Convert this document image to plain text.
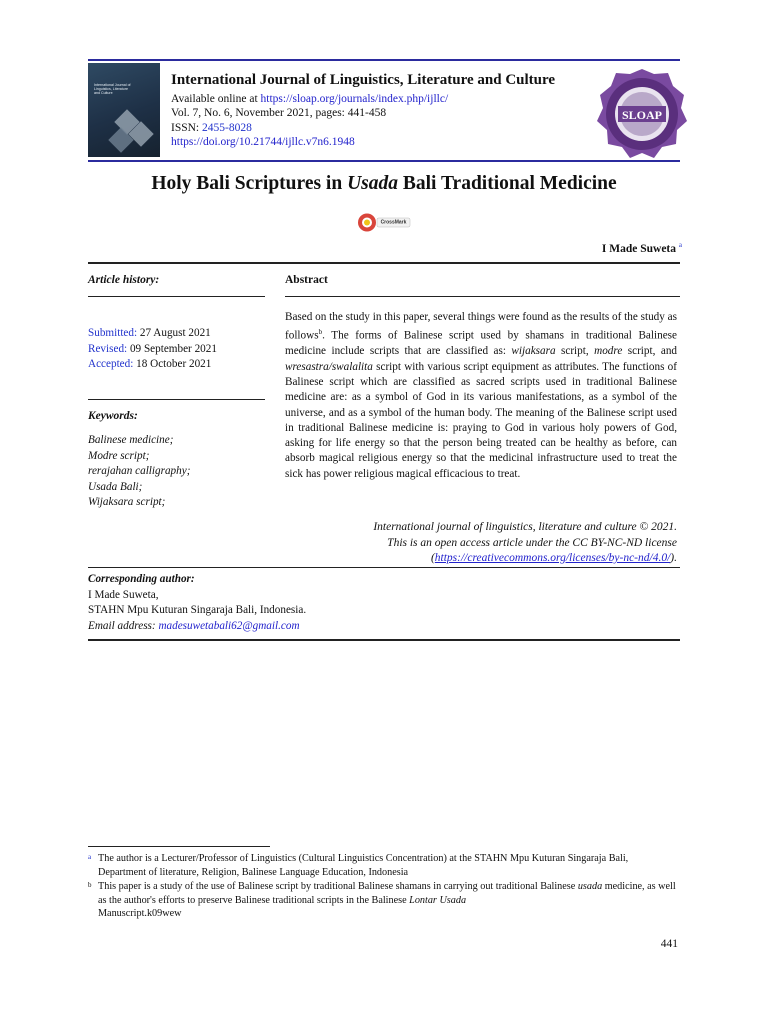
International Journal of Linguistics, Literature and Culture
International Journal of Linguistics, Literature and Culture
Available online at https://sloap.org/journals/index.php/ijllc/
Vol. 7, No. 6, November 2021, pages: 441-458
ISSN: 2455-8028
https://doi.org/10.21744/ijllc.v7n6.1948
SLOAP
Holy Bali Scriptures in Usada Bali Traditional Medicine
CrossMark
I Made Suweta $^a$
Article history:
Submitted: 27 August 2021
Revised: 09 September 2021
Accepted: 18 October 2021
Keywords:
Balinese medicine;
Modre script;
rerajahan calligraphy;
Usada Bali;
Wijaksara script;
Abstract
Based on the study in this paper, several things were found as the results of the study as follows$^b$. The forms of Balinese script used by shamans in traditional Balinese medicine include scripts that are classified as: wijaksara script, modre script, and wresastra/swalalita script with various script equipment as attributes. The functions of Balinese script which are classified as sacred scripts used in traditional Balinese medicine are: as a symbol of God in its various manifestations, as a symbol of the universe, and as a symbol of the human body. The meaning of the Balinese script used in traditional Balinese medicine is: praying to God in various holy powers of God, asking for life energy so that the person being treated can be healthy as before, can absorb magical religious energy so that the medicinal infrastructure used to treat the sick has power religious magical efficacious to treat.
International journal of linguistics, literature and culture © 2021.
This is an open access article under the CC BY-NC-ND license
(https://creativecommons.org/licenses/by-nc-nd/4.0/).
Corresponding author:
I Made Suweta,
STAHN Mpu Kuturan Singaraja Bali, Indonesia.
Email address: madesuwetabali62@gmail.com
a The author is a Lecturer/Professor of Linguistics (Cultural Linguistics Concentration) at the STAHN Mpu Kuturan Singaraja Bali, Department of literature, Religion, Balinese Language Education, Indonesia
b This paper is a study of the use of Balinese script by traditional Balinese shamans in carrying out traditional Balinese usada medicine, as well as the author's efforts to preserve Balinese traditional scripts in the Balinese Lontar Usada
Manuscript.k09wew
441
